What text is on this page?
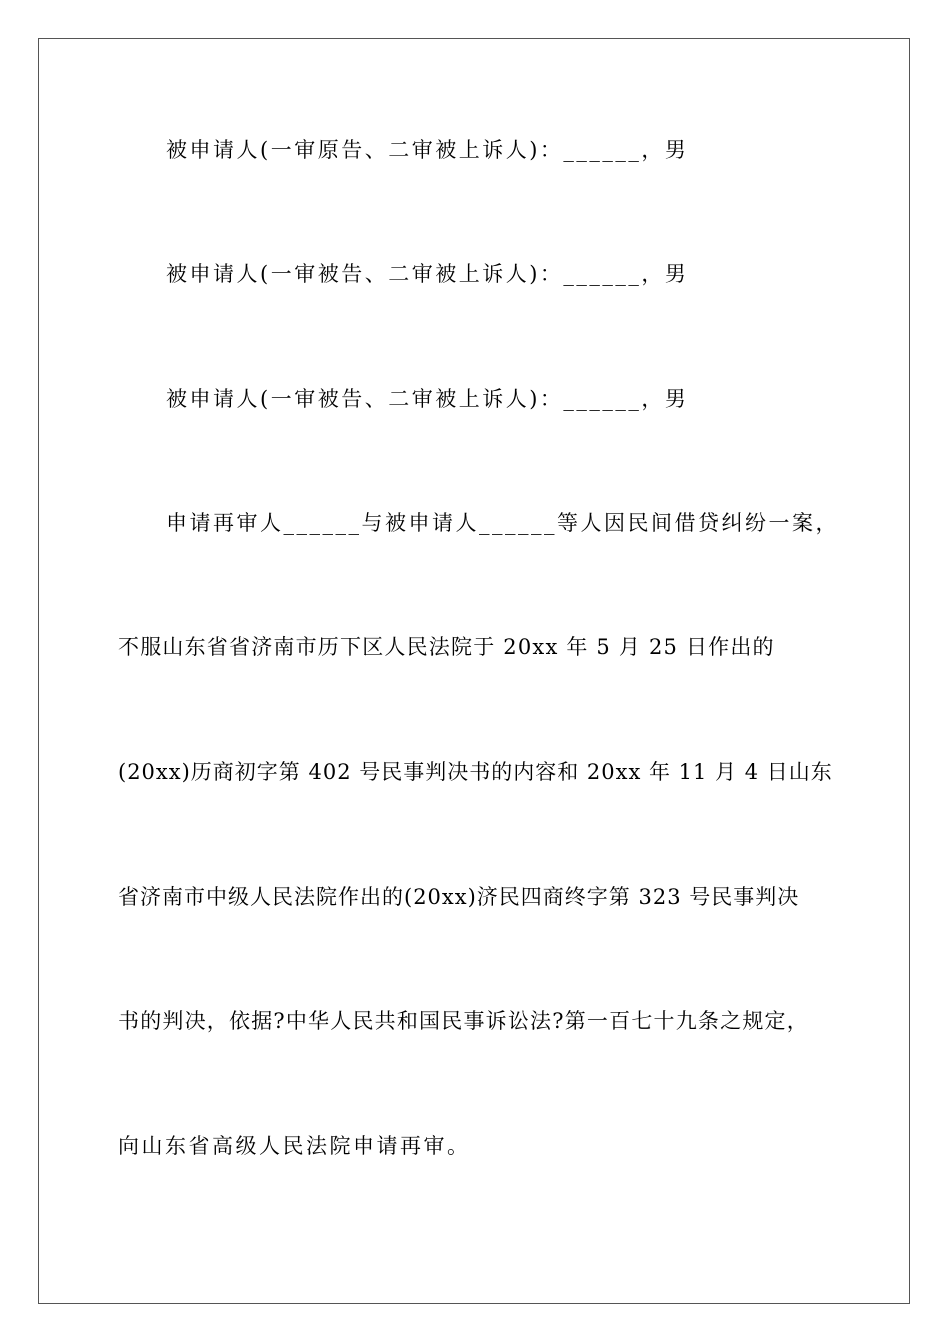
被申请人(一审原告、二审被上诉人)：______，男
被申请人(一审被告、二审被上诉人)：______，男
被申请人(一审被告、二审被上诉人)：______，男
申请再审人______与被申请人______等人因民间借贷纠纷一案，
不服山东省省济南市历下区人民法院于 20xx 年 5 月 25 日作出的
(20xx)历商初字第 402 号民事判决书的内容和 20xx 年 11 月 4 日山东
省济南市中级人民法院作出的(20xx)济民四商终字第 323 号民事判决
书的判决，依据?中华人民共和国民事诉讼法?第一百七十九条之规定，
向山东省高级人民法院申请再审。
